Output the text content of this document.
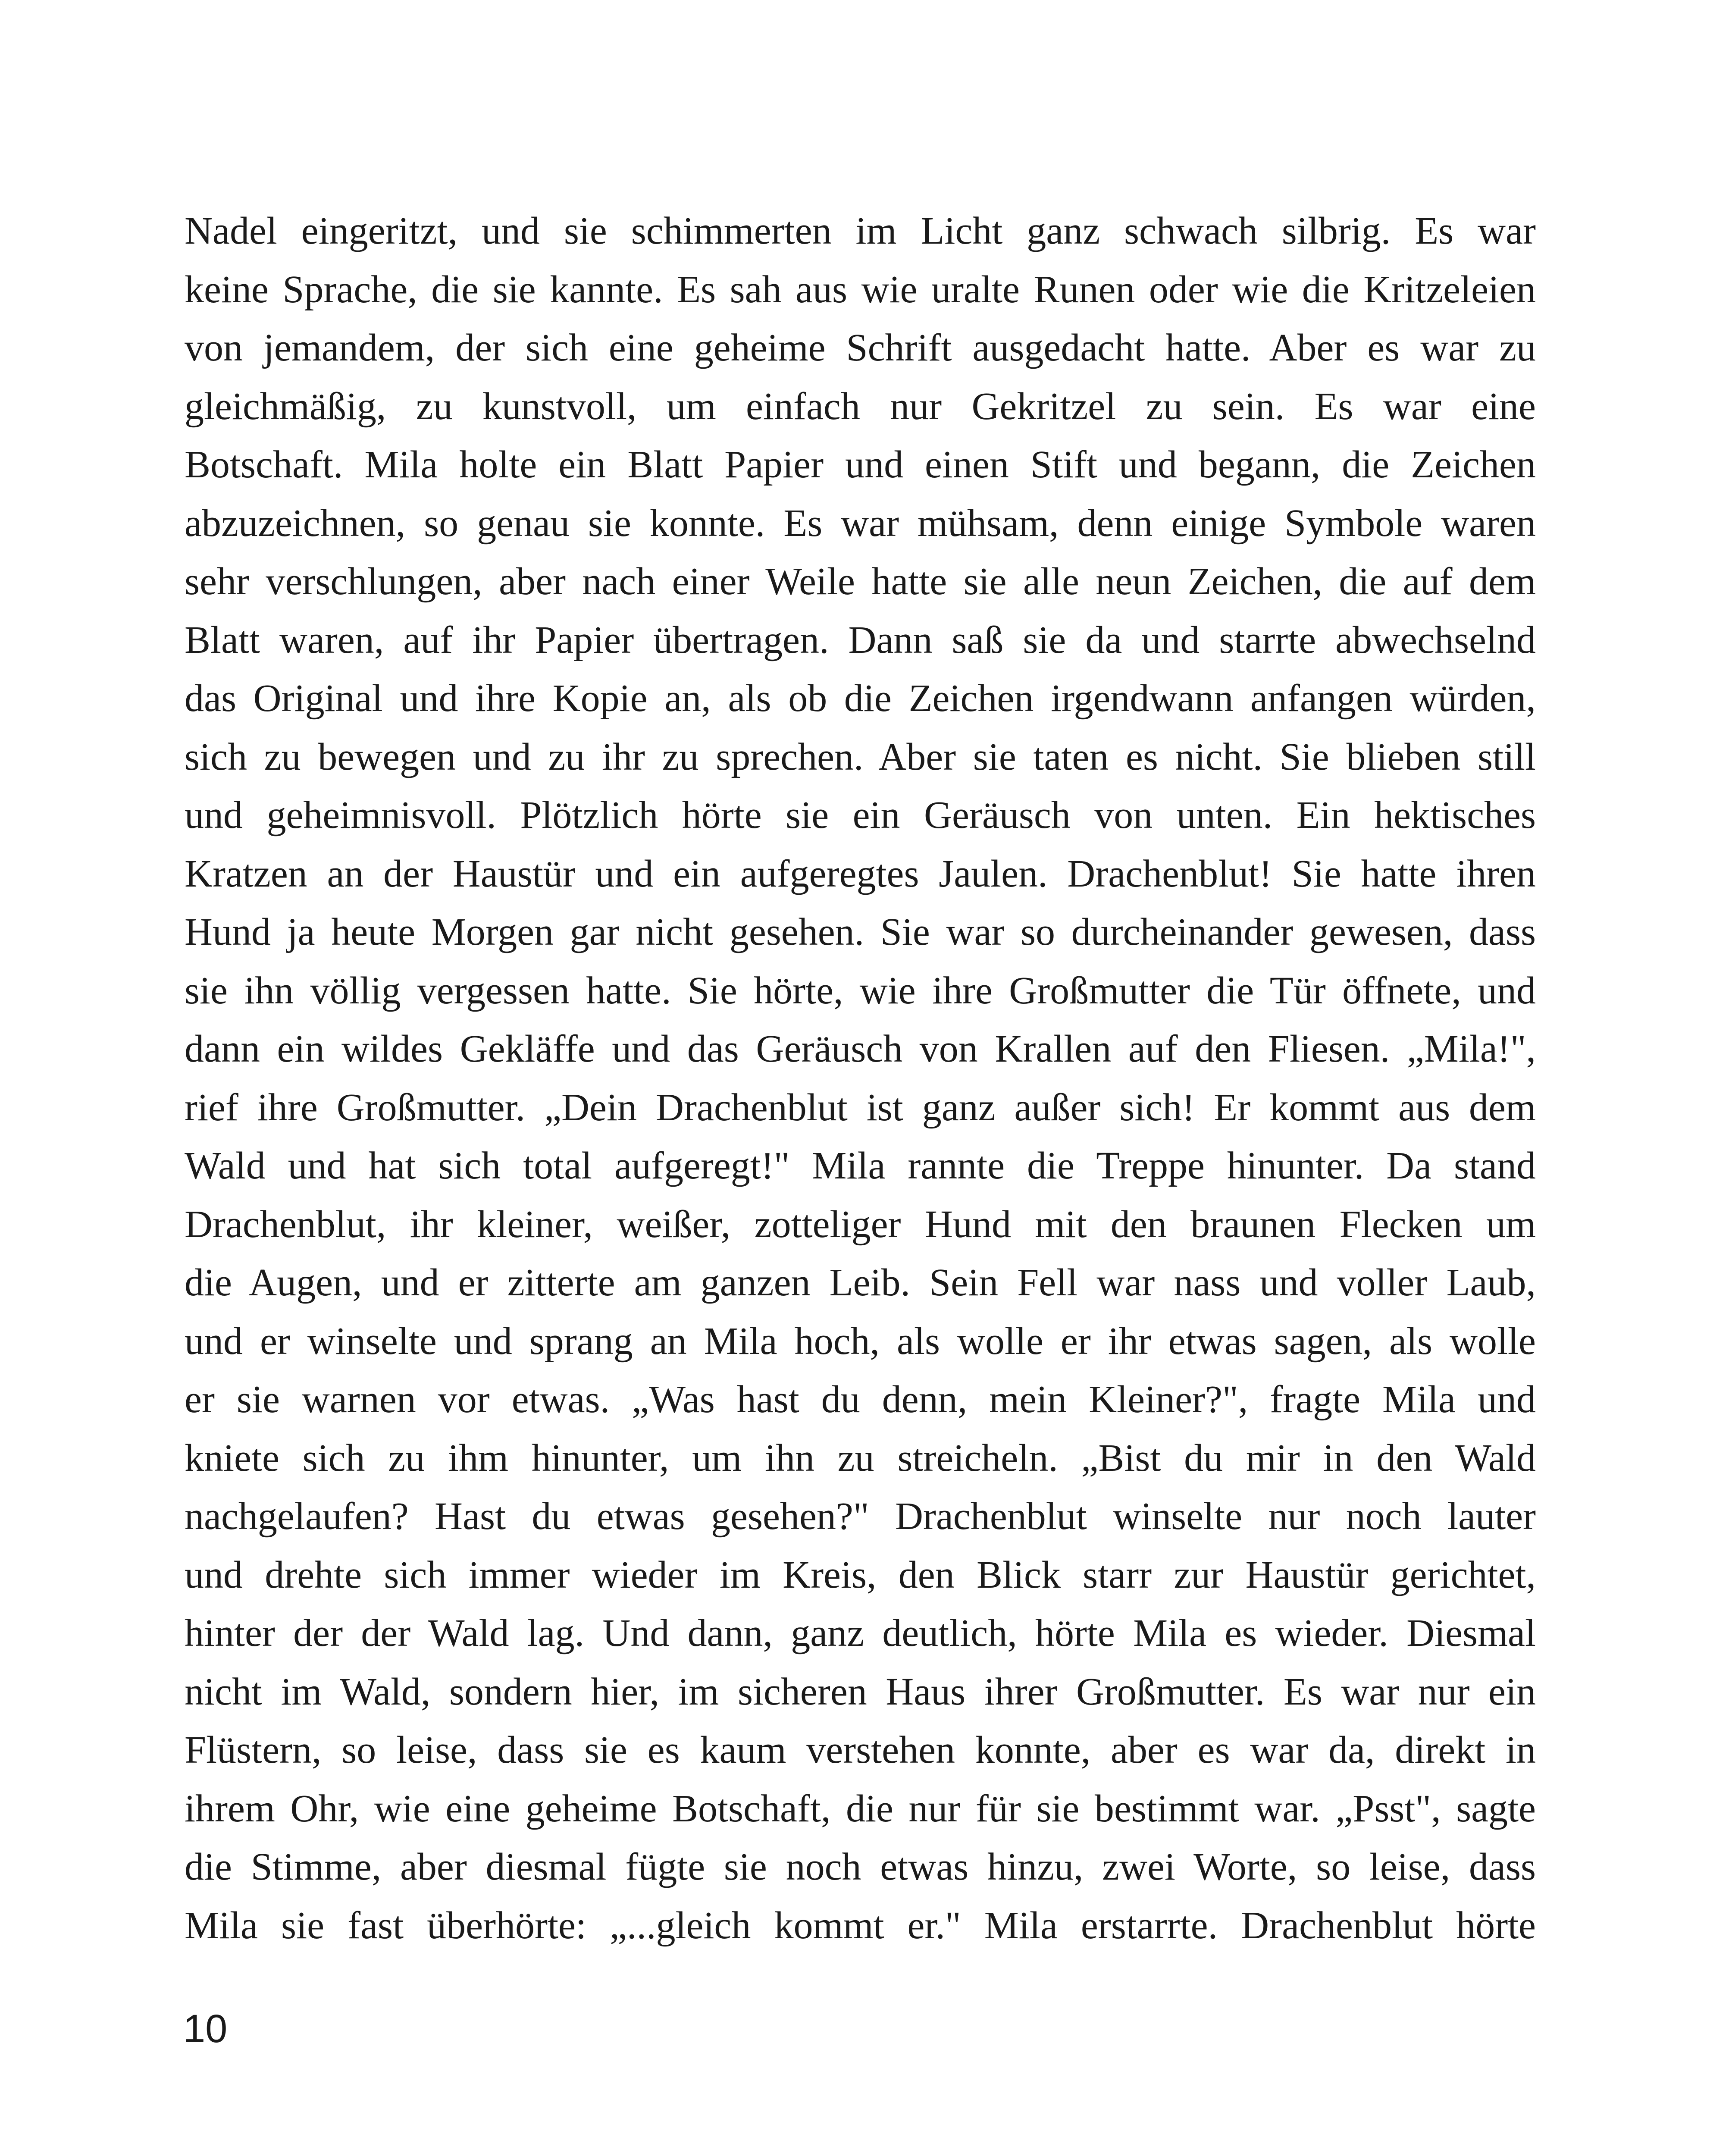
Nadel eingeritzt, und sie schimmerten im Licht ganz schwach silbrig. Es war
keine Sprache, die sie kannte. Es sah aus wie uralte Runen oder wie die Kritzeleien
von jemandem, der sich eine geheime Schrift ausgedacht hatte. Aber es war zu
gleichmäßig, zu kunstvoll, um einfach nur Gekritzel zu sein. Es war eine
Botschaft. Mila holte ein Blatt Papier und einen Stift und begann, die Zeichen
abzuzeichnen, so genau sie konnte. Es war mühsam, denn einige Symbole waren
sehr verschlungen, aber nach einer Weile hatte sie alle neun Zeichen, die auf dem
Blatt waren, auf ihr Papier übertragen. Dann saß sie da und starrte abwechselnd
das Original und ihre Kopie an, als ob die Zeichen irgendwann anfangen würden,
sich zu bewegen und zu ihr zu sprechen. Aber sie taten es nicht. Sie blieben still
und geheimnisvoll. Plötzlich hörte sie ein Geräusch von unten. Ein hektisches
Kratzen an der Haustür und ein aufgeregtes Jaulen. Drachenblut! Sie hatte ihren
Hund ja heute Morgen gar nicht gesehen. Sie war so durcheinander gewesen, dass
sie ihn völlig vergessen hatte. Sie hörte, wie ihre Großmutter die Tür öffnete, und
dann ein wildes Gekläffe und das Geräusch von Krallen auf den Fliesen. „Mila!",
rief ihre Großmutter. „Dein Drachenblut ist ganz außer sich! Er kommt aus dem
Wald und hat sich total aufgeregt!" Mila rannte die Treppe hinunter. Da stand
Drachenblut, ihr kleiner, weißer, zotteliger Hund mit den braunen Flecken um
die Augen, und er zitterte am ganzen Leib. Sein Fell war nass und voller Laub,
und er winselte und sprang an Mila hoch, als wolle er ihr etwas sagen, als wolle
er sie warnen vor etwas. „Was hast du denn, mein Kleiner?", fragte Mila und
kniete sich zu ihm hinunter, um ihn zu streicheln. „Bist du mir in den Wald
nachgelaufen? Hast du etwas gesehen?" Drachenblut winselte nur noch lauter
und drehte sich immer wieder im Kreis, den Blick starr zur Haustür gerichtet,
hinter der der Wald lag. Und dann, ganz deutlich, hörte Mila es wieder. Diesmal
nicht im Wald, sondern hier, im sicheren Haus ihrer Großmutter. Es war nur ein
Flüstern, so leise, dass sie es kaum verstehen konnte, aber es war da, direkt in
ihrem Ohr, wie eine geheime Botschaft, die nur für sie bestimmt war. „Psst", sagte
die Stimme, aber diesmal fügte sie noch etwas hinzu, zwei Worte, so leise, dass
Mila sie fast überhörte: „...gleich kommt er." Mila erstarrte. Drachenblut hörte
10
